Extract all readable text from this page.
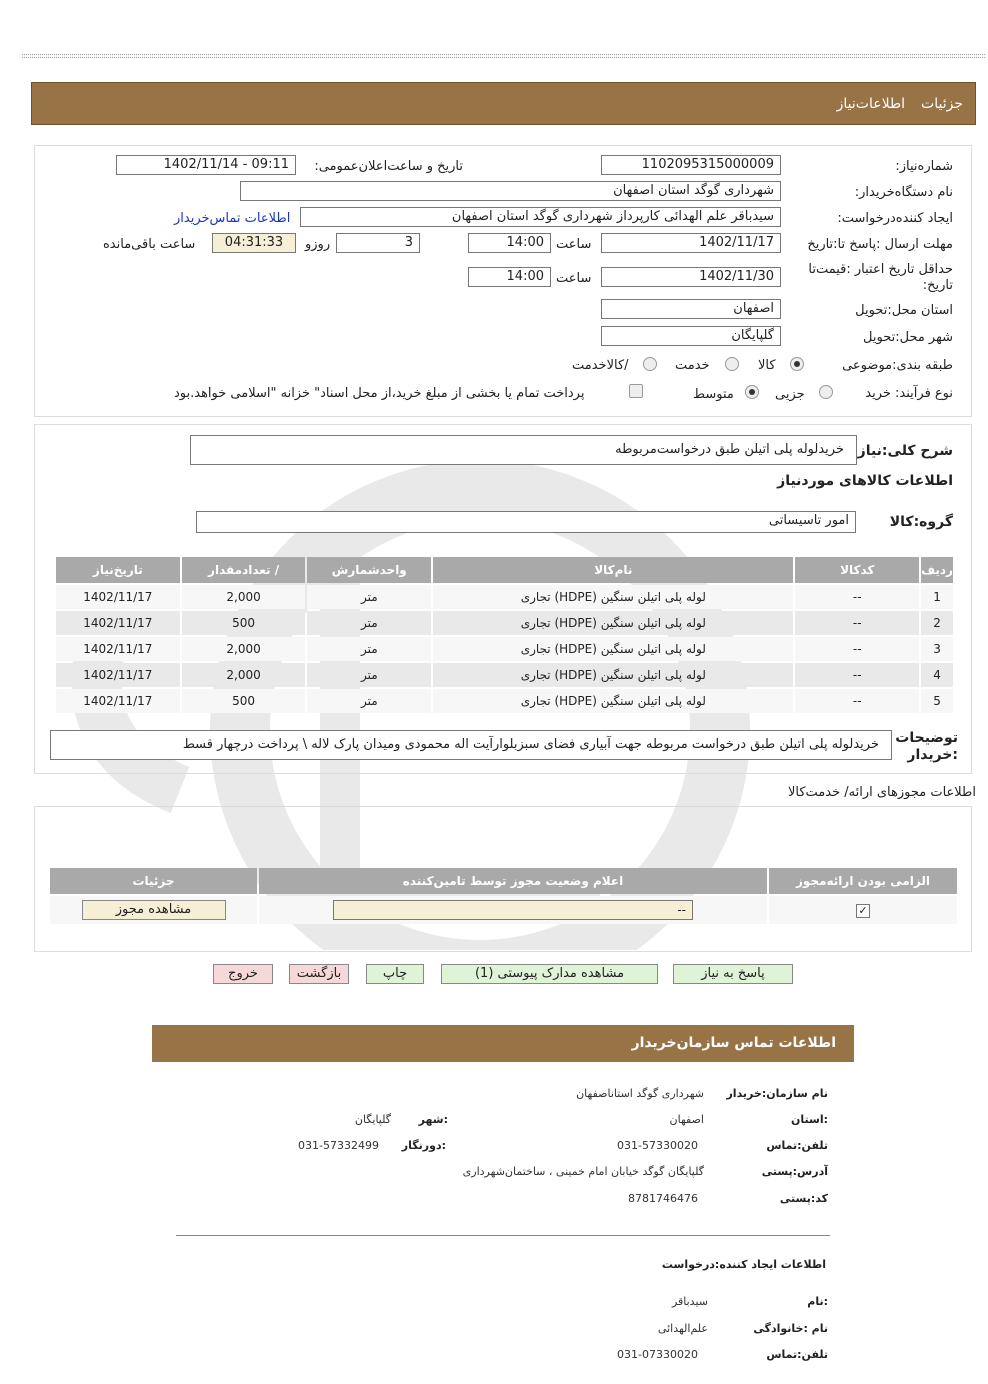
جزئیات
اطلاعات‌نیاز
شماره‌نیاز:
1102095315000009
تاریخ و ساعت‌اعلان‌عمومی:
1402/11/14 - 09:11
نام دستگاه‌خریدار:
شهرداری گوگد استان اصفهان
ایجاد کننده‌درخواست:
سیدباقر علم الهدائی کارپرداز شهرداری گوگد استان اصفهان
اطلاعات تماس‌خریدار
مهلت ارسال :پاسخ تا:تاریخ
1402/11/17
ساعت
14:00
3
روزو
04:31:33
ساعت باقی‌مانده
حداقل تاریخ اعتبار :قیمت‌تا
تاریخ:
1402/11/30
ساعت
14:00
استان محل:تحویل
اصفهان
شهر محل:تحویل
گلپایگان
طبقه بندی:موضوعی
کالا
خدمت
/کالاخدمت
نوع فرآیند: خرید
جزیی
متوسط
پرداخت تمام یا بخشی از مبلغ خرید،از محل اسناد" خزانه "اسلامی خواهد.بود
شرح کلی:نیاز
خریدلوله پلی اتیلن طبق درخواست‌مربوطه
اطلاعات کالاهای موردنیاز
گروه:کالا
امور تاسیساتی
ردیف	کدکالا	نام‌کالا	واحدشمارش	/ تعدادمقدار	تاریخ‌نیاز
1	--	لوله پلی اتیلن سنگین (HDPE) تجاری	متر	2,000	1402/11/17
2	--	لوله پلی اتیلن سنگین (HDPE) تجاری	متر	500	1402/11/17
3	--	لوله پلی اتیلن سنگین (HDPE) تجاری	متر	2,000	1402/11/17
4	--	لوله پلی اتیلن سنگین (HDPE) تجاری	متر	2,000	1402/11/17
5	--	لوله پلی اتیلن سنگین (HDPE) تجاری	متر	500	1402/11/17
توضیحات
:خریدار
خریدلوله پلی اتیلن طبق درخواست مربوطه جهت آبیاری فضای سبزبلوارآیت اله محمودی ومیدان پارک لاله \ پرداخت درچهار قسط
اطلاعات مجوزهای ارائه/ خدمت‌کالا
الزامی بودن ارائه‌مجوز	اعلام وضعیت مجوز توسط تامین‌کننده	جزئیات
✓	--	مشاهده مجوز
پاسخ به نیاز
مشاهده مدارک پیوستی (1)
چاپ
بازگشت
خروج
اطلاعات تماس سازمان‌خریدار
نام سازمان:خریدار
شهرداری گوگد استاناصفهان
:استان
اصفهان
:شهر
گلپایگان
تلفن:تماس
031-57330020
:دورنگار
031-57332499
آدرس:پستی
گلپایگان گوگد خیابان امام خمینی ، ساختمان‌شهرداری
کد:پستی
8781746476
اطلاعات ایجاد کننده:درخواست
:نام
سیدباقر
نام :خانوادگی
علم‌الهدائی
تلفن:تماس
031-07330020
